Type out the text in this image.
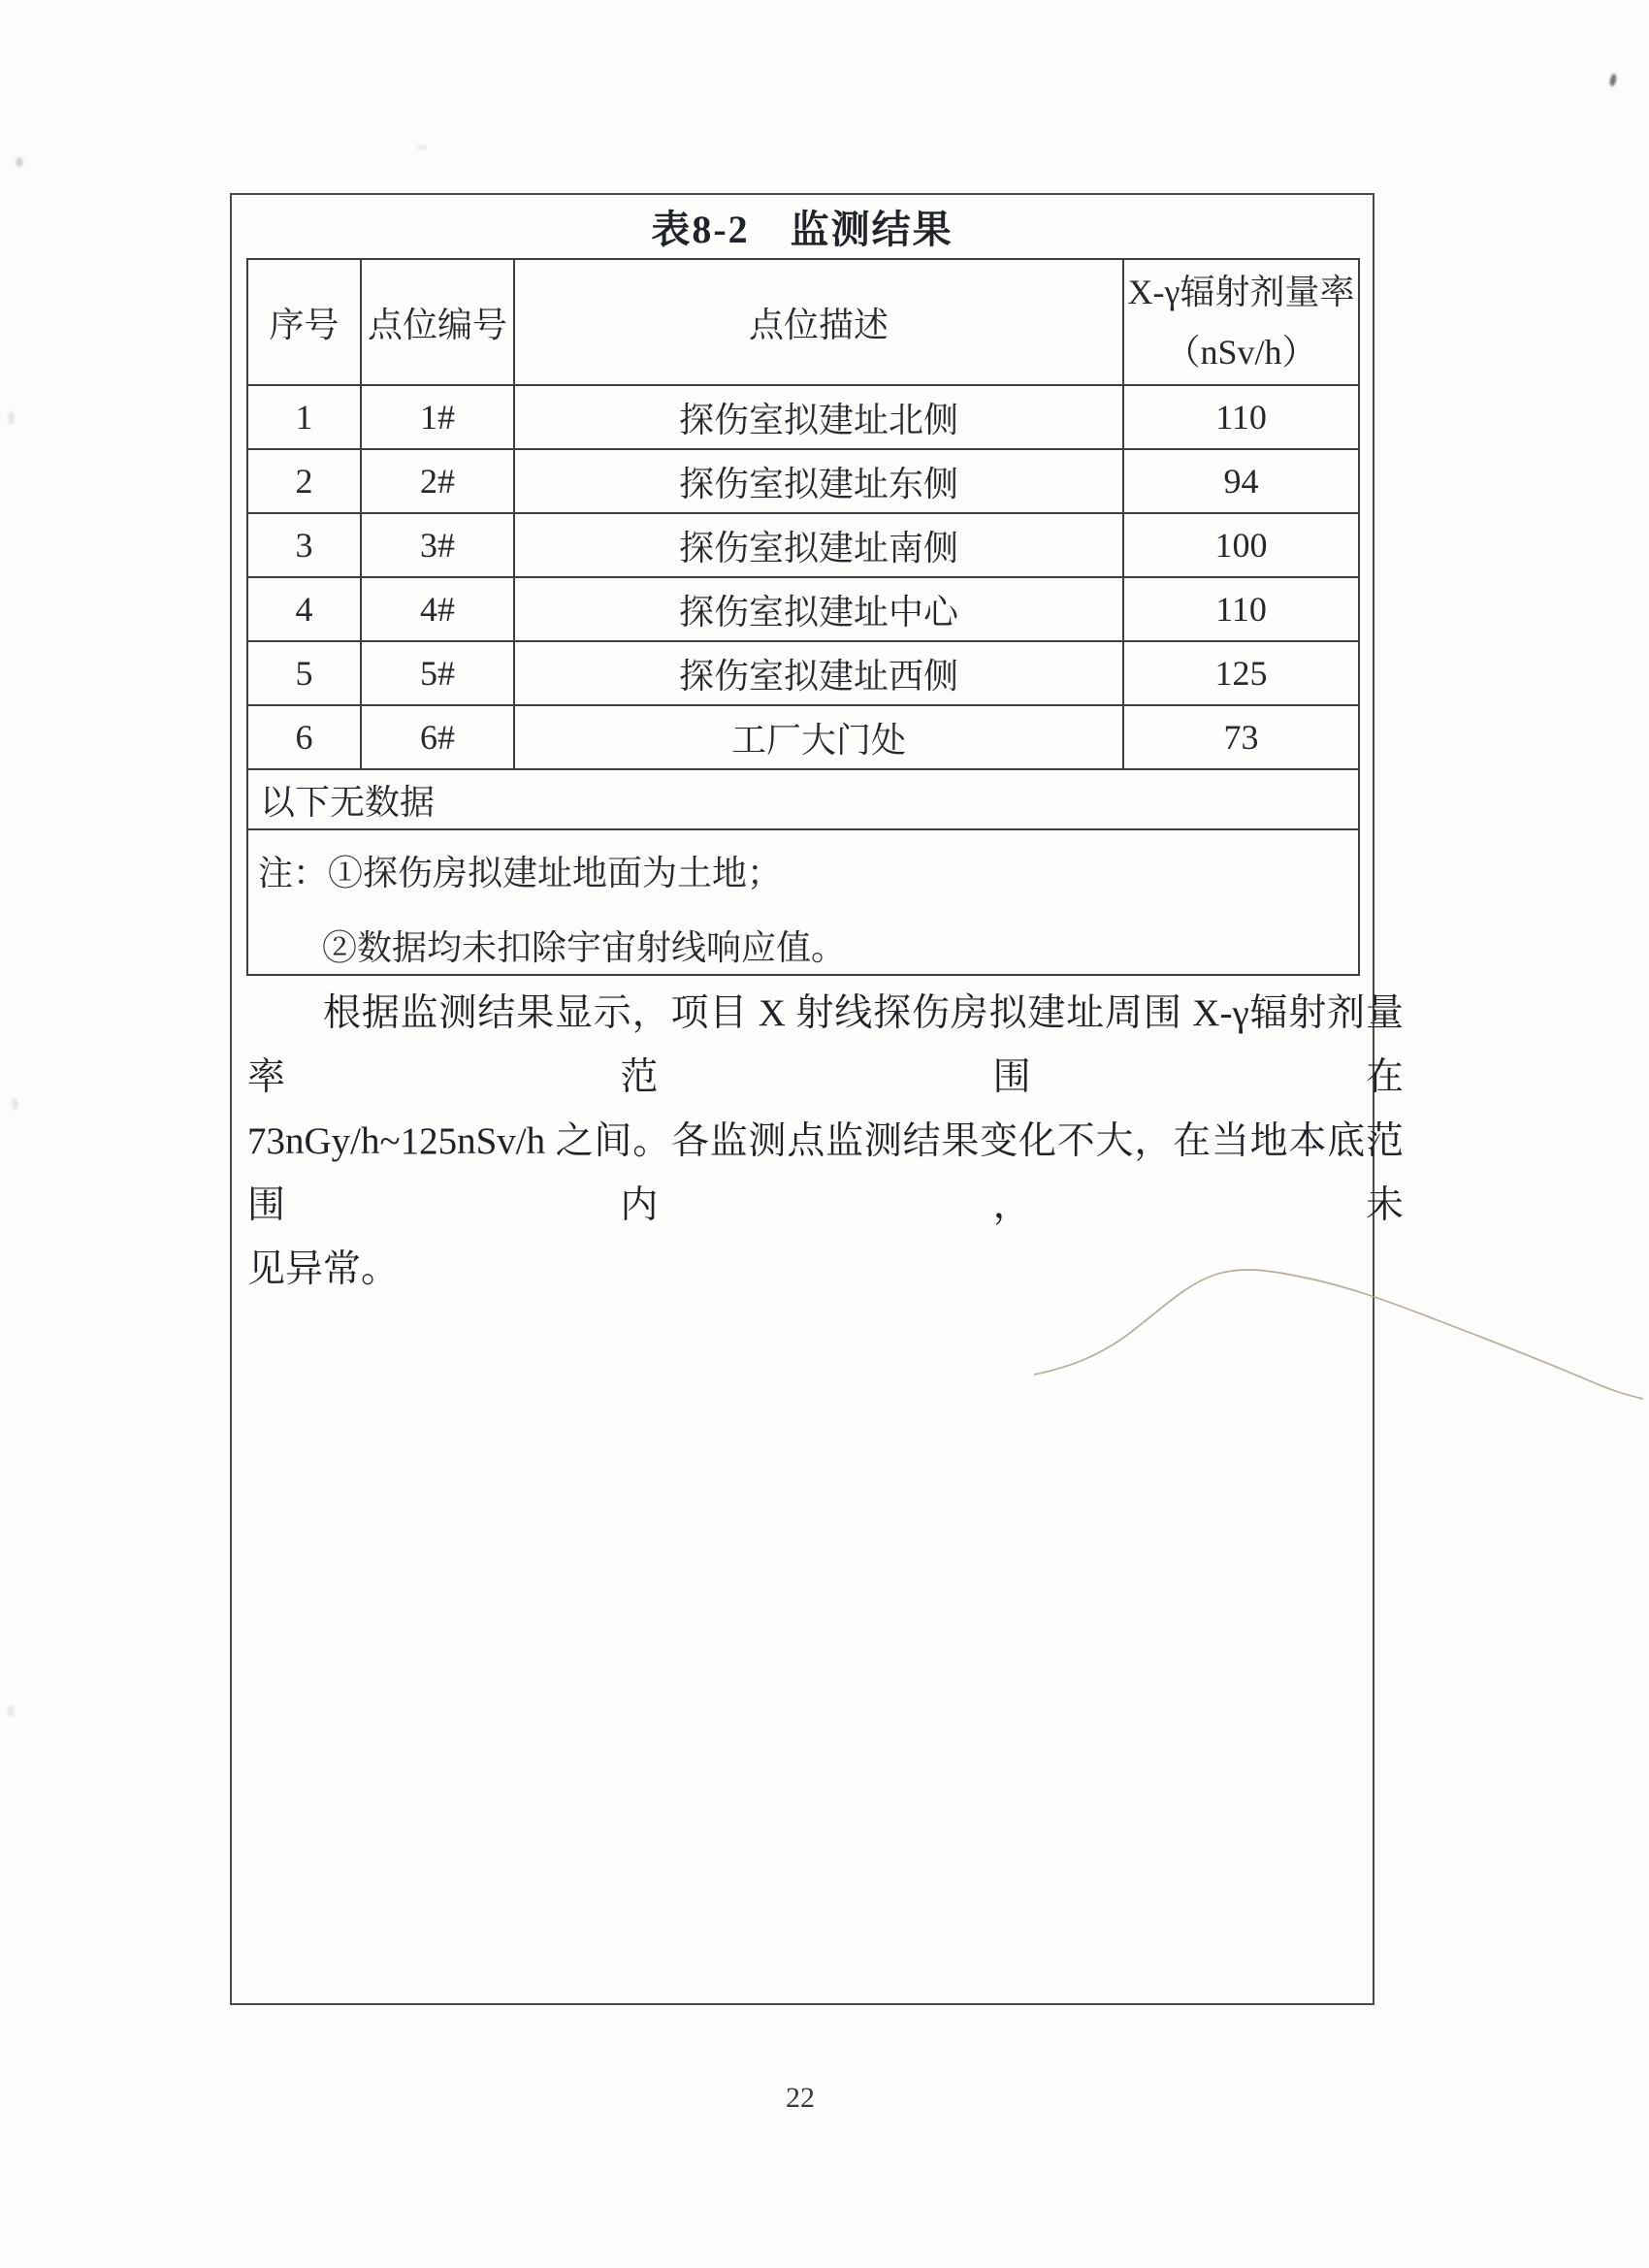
表8-2　监测结果
序号	点位编号	点位描述	X-γ辐射剂量率
（nSv/h）

1	1#	探伤室拟建址北侧	110
2	2#	探伤室拟建址东侧	94
3	3#	探伤室拟建址南侧	100
4	4#	探伤室拟建址中心	110
5	5#	探伤室拟建址西侧	125
6	6#	工厂大门处	73
以下无数据			

注：①探伤房拟建址地面为土地；
②数据均未扣除宇宙射线响应值。			
根据监测结果显示，项目 X 射线探伤房拟建址周围 X-γ辐射剂量率范围在
73nGy/h~125nSv/h 之间。各监测点监测结果变化不大，在当地本底范围内，未
见异常。
22
